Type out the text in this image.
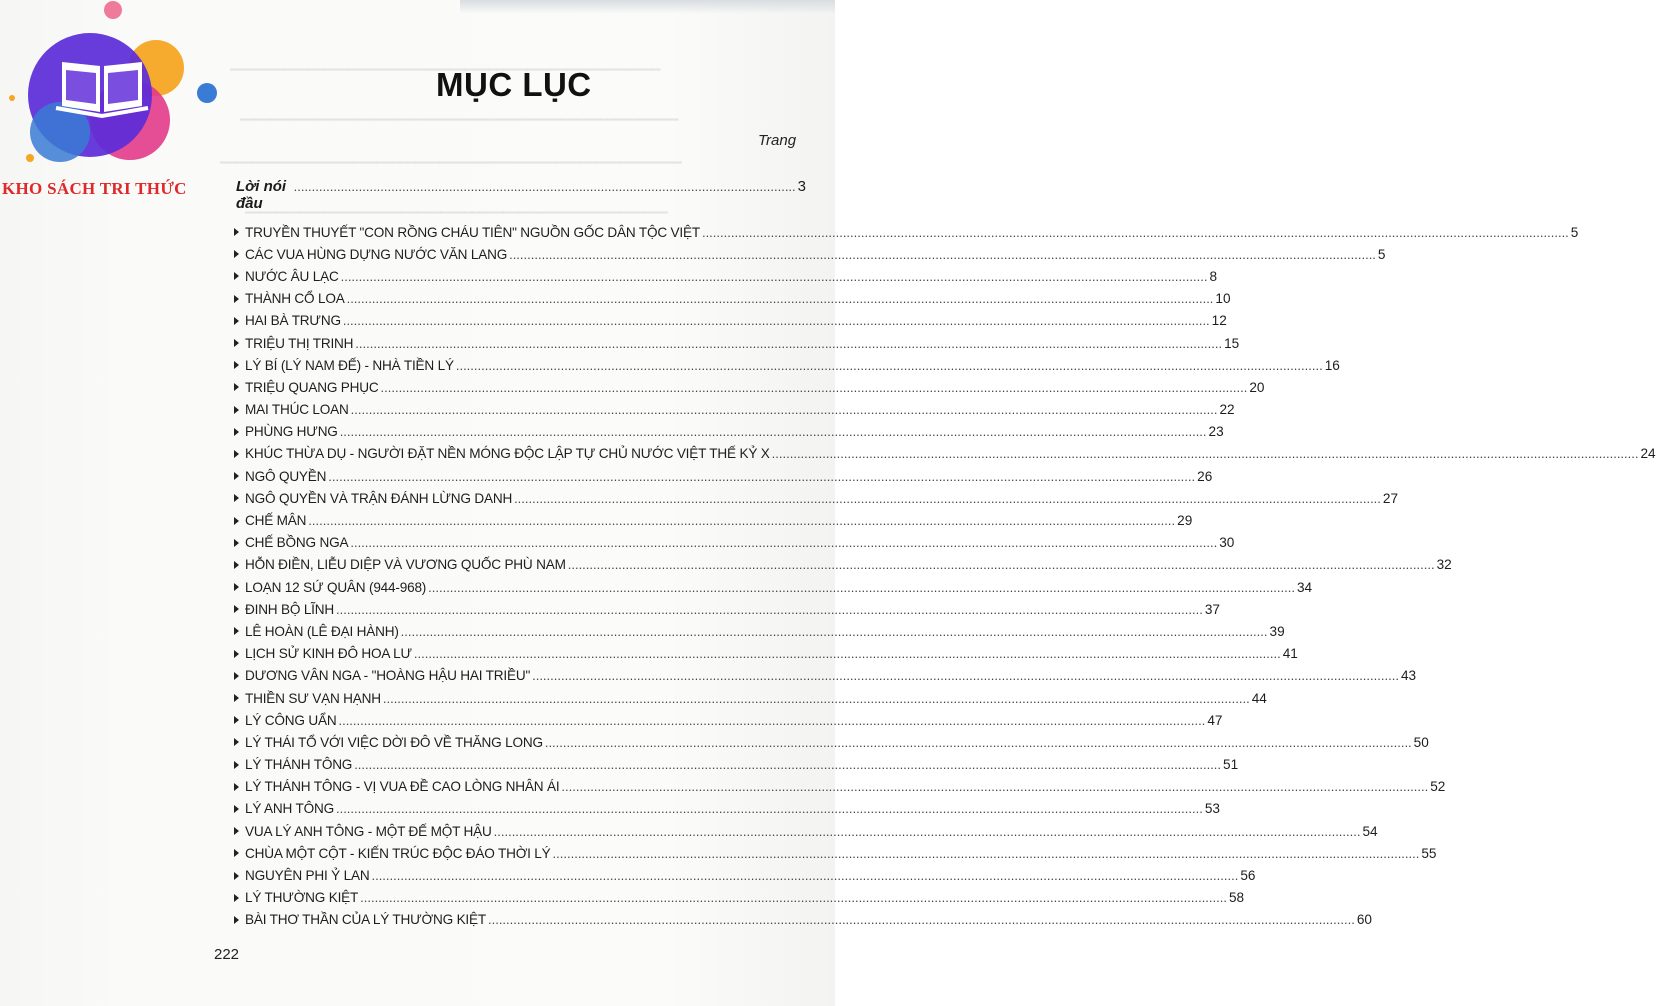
━━━━━━━━━━━━━━━━━━━━━━━━━━━━━━━━━━━━━━━━━━━━━━━━━━━━━━━
━━━━━━━━━━━━━━━━━━━━━━━━━━━━━━━━━━━━━━━━━━━━━━━━━━━━━━━━
━━━━━━━━━━━━━━━━━━━━━━━━━━━━━━━━━━━━━━━━━━━━━━━━━━━━━━━━━━━
━━━━━━━━━━━━━━━━━━━━━━━━━━━━━━━━━━━━━━━━━━━━━━━━━━━━━━
KHO SÁCH TRI THỨC
MỤC LỤC
Trang
Lời nói đầu
........................................................................................................................................... 3
TRUYỀN THUYẾT "CON RỒNG CHÁU TIÊN" NGUỒN GỐC DÂN TỘC VIỆT ................................................................................................................................................................................................................................................ 5
CÁC VUA HÙNG DỰNG NƯỚC VĂN LANG ................................................................................................................................................................................................................................................ 5
NƯỚC ÂU LẠC ................................................................................................................................................................................................................................................ 8
THÀNH CỔ LOA ................................................................................................................................................................................................................................................ 10
HAI BÀ TRƯNG ................................................................................................................................................................................................................................................ 12
TRIỆU THỊ TRINH ................................................................................................................................................................................................................................................ 15
LÝ BÍ (LÝ NAM ĐẾ) - NHÀ TIỀN LÝ ................................................................................................................................................................................................................................................ 16
TRIỆU QUANG PHỤC ................................................................................................................................................................................................................................................ 20
MAI THÚC LOAN ................................................................................................................................................................................................................................................ 22
PHÙNG HƯNG ................................................................................................................................................................................................................................................ 23
KHÚC THỪA DỤ - NGƯỜI ĐẶT NỀN MÓNG ĐỘC LẬP TỰ CHỦ NƯỚC VIỆT THẾ KỶ X ................................................................................................................................................................................................................................................ 24
NGÔ QUYỀN ................................................................................................................................................................................................................................................ 26
NGÔ QUYỀN VÀ TRẬN ĐÁNH LỪNG DANH ................................................................................................................................................................................................................................................ 27
CHẾ MÂN ................................................................................................................................................................................................................................................ 29
CHẾ BỒNG NGA ................................................................................................................................................................................................................................................ 30
HỖN ĐIỀN, LIỄU DIỆP VÀ VƯƠNG QUỐC PHÙ NAM ................................................................................................................................................................................................................................................ 32
LOẠN 12 SỨ QUÂN (944-968) ................................................................................................................................................................................................................................................ 34
ĐINH BỘ LĨNH ................................................................................................................................................................................................................................................ 37
LÊ HOÀN (LÊ ĐẠI HÀNH) ................................................................................................................................................................................................................................................ 39
LỊCH SỬ KINH ĐÔ HOA LƯ ................................................................................................................................................................................................................................................ 41
DƯƠNG VÂN NGA - "HOÀNG HẬU HAI TRIỀU" ................................................................................................................................................................................................................................................ 43
THIỀN SƯ VẠN HẠNH ................................................................................................................................................................................................................................................ 44
LÝ CÔNG UẨN ................................................................................................................................................................................................................................................ 47
LÝ THÁI TỔ VỚI VIỆC DỜI ĐÔ VỀ THĂNG LONG ................................................................................................................................................................................................................................................ 50
LÝ THÁNH TÔNG ................................................................................................................................................................................................................................................ 51
LÝ THÁNH TÔNG - VỊ VUA ĐỀ CAO LÒNG NHÂN ÁI ................................................................................................................................................................................................................................................ 52
LÝ ANH TÔNG ................................................................................................................................................................................................................................................ 53
VUA LÝ ANH TÔNG - MỘT ĐẾ MỘT HẬU ................................................................................................................................................................................................................................................ 54
CHÙA MỘT CỘT - KIẾN TRÚC ĐỘC ĐÁO THỜI LÝ ................................................................................................................................................................................................................................................ 55
NGUYÊN PHI Ỷ LAN ................................................................................................................................................................................................................................................ 56
LÝ THƯỜNG KIỆT ................................................................................................................................................................................................................................................ 58
BÀI THƠ THẦN CỦA LÝ THƯỜNG KIỆT ................................................................................................................................................................................................................................................ 60
222
